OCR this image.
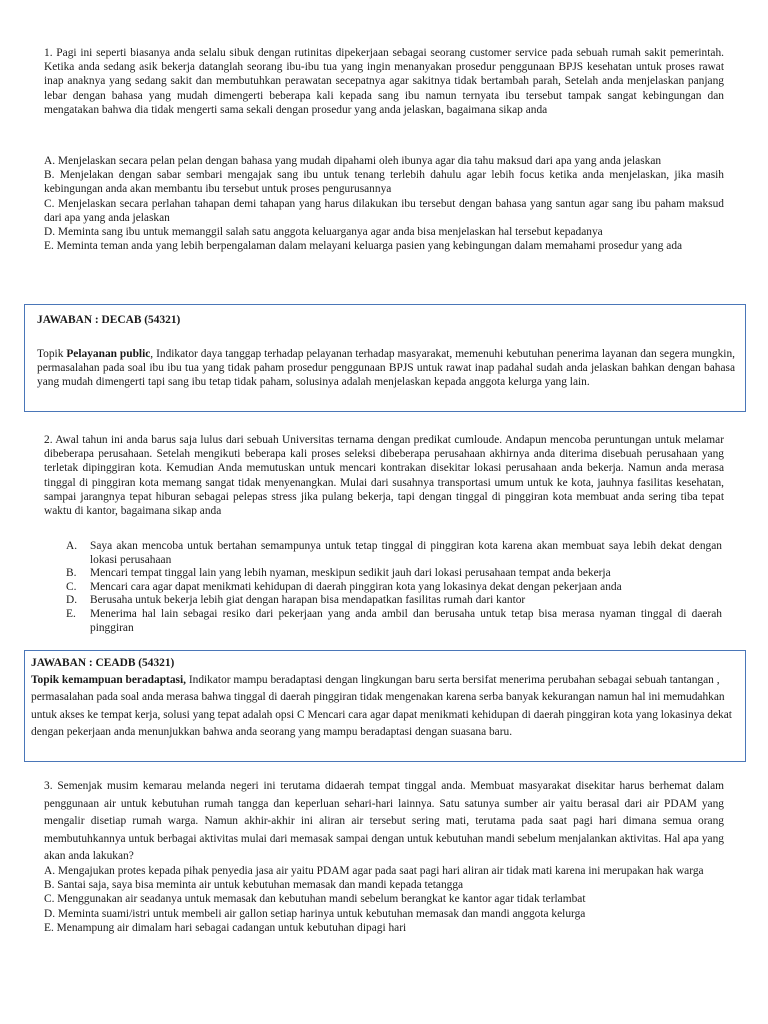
1. Pagi ini seperti biasanya anda selalu sibuk dengan rutinitas dipekerjaan sebagai seorang customer service pada sebuah rumah sakit pemerintah. Ketika anda sedang asik bekerja datanglah seorang ibu-ibu tua yang ingin menanyakan prosedur penggunaan BPJS kesehatan untuk proses rawat inap anaknya yang sedang sakit dan membutuhkan perawatan secepatnya agar sakitnya tidak bertambah parah, Setelah anda menjelaskan panjang lebar dengan bahasa yang mudah dimengerti beberapa kali kepada sang ibu namun ternyata ibu tersebut tampak sangat kebingungan dan mengatakan bahwa dia tidak mengerti sama sekali dengan prosedur yang anda jelaskan, bagaimana sikap anda

A. Menjelaskan secara pelan pelan dengan bahasa yang mudah dipahami oleh ibunya agar dia tahu maksud dari apa yang anda jelaskan

B. Menjelakan dengan sabar sembari mengajak sang ibu untuk tenang terlebih dahulu agar lebih focus ketika anda menjelaskan, jika masih kebingungan anda akan membantu ibu tersebut untuk proses pengurusannya

C. Menjelaskan secara perlahan tahapan demi tahapan yang harus dilakukan ibu tersebut dengan bahasa yang santun agar sang ibu paham maksud dari apa yang anda jelaskan

D. Meminta sang ibu untuk memanggil salah satu anggota keluarganya agar anda bisa menjelaskan hal tersebut kepadanya

E. Meminta teman anda yang lebih berpengalaman dalam melayani keluarga pasien yang kebingungan dalam memahami prosedur yang ada

JAWABAN : DECAB (54321)
Topik Pelayanan public, Indikator daya tanggap terhadap pelayanan terhadap masyarakat, memenuhi kebutuhan penerima layanan dan segera mungkin, permasalahan pada soal ibu ibu tua yang tidak paham prosedur penggunaan BPJS untuk rawat inap padahal sudah anda jelaskan bahkan dengan bahasa yang mudah dimengerti tapi sang ibu tetap tidak paham, solusinya adalah menjelaskan kepada anggota kelurga yang lain.

2. Awal tahun ini anda barus saja lulus dari sebuah Universitas ternama dengan predikat cumloude. Andapun mencoba peruntungan untuk melamar dibeberapa perusahaan. Setelah mengikuti beberapa kali proses seleksi dibeberapa perusahaan akhirnya anda diterima disebuah perusahaan yang terletak dipinggiran kota. Kemudian Anda memutuskan untuk mencari kontrakan disekitar lokasi perusahaan anda bekerja. Namun anda merasa tinggal di pinggiran kota memang sangat tidak menyenangkan. Mulai dari susahnya transportasi umum untuk ke kota, jauhnya fasilitas kesehatan, sampai jarangnya tepat hiburan sebagai pelepas stress jika pulang bekerja, tapi dengan tinggal di pinggiran kota membuat anda sering tiba tepat waktu di kantor, bagaimana sikap anda

A. Saya akan mencoba untuk bertahan semampunya untuk tetap tinggal di pinggiran kota karena akan membuat saya lebih dekat dengan lokasi perusahaan
B. Mencari tempat tinggal lain yang lebih nyaman, meskipun sedikit jauh dari lokasi perusahaan tempat anda bekerja
C. Mencari cara agar dapat menikmati kehidupan di daerah pinggiran kota yang lokasinya dekat dengan pekerjaan anda
D. Berusaha untuk bekerja lebih giat dengan harapan bisa mendapatkan fasilitas rumah dari kantor
E. Menerima hal lain sebagai resiko dari pekerjaan yang anda ambil dan berusaha untuk tetap bisa merasa nyaman tinggal di daerah pinggiran
JAWABAN : CEADB (54321)
Topik kemampuan beradaptasi, Indikator mampu beradaptasi dengan lingkungan baru serta bersifat menerima perubahan sebagai sebuah tantangan , permasalahan pada soal anda merasa bahwa tinggal di daerah pinggiran tidak mengenakan karena serba banyak kekurangan namun hal ini memudahkan untuk akses ke tempat kerja, solusi yang tepat adalah opsi C Mencari cara agar dapat menikmati kehidupan di daerah pinggiran kota yang lokasinya dekat dengan pekerjaan anda menunjukkan bahwa anda seorang yang mampu beradaptasi dengan suasana baru.

3. Semenjak musim kemarau melanda negeri ini terutama didaerah tempat tinggal anda. Membuat masyarakat disekitar harus berhemat dalam penggunaan air untuk kebutuhan rumah tangga dan keperluan sehari-hari lainnya. Satu satunya sumber air yaitu berasal dari air PDAM yang mengalir disetiap rumah warga. Namun akhir-akhir ini aliran air tersebut sering mati, terutama pada saat pagi hari dimana semua orang membutuhkannya untuk berbagai aktivitas mulai dari memasak sampai dengan untuk kebutuhan mandi sebelum menjalankan aktivitas. Hal apa yang akan anda lakukan?

A. Mengajukan protes kepada pihak penyedia jasa air yaitu PDAM agar pada saat pagi hari aliran air tidak mati karena ini merupakan hak warga

B. Santai saja, saya bisa meminta air untuk kebutuhan memasak dan mandi kepada tetangga

C. Menggunakan air seadanya untuk memasak dan kebutuhan mandi sebelum berangkat ke kantor agar tidak terlambat

D. Meminta suami/istri untuk membeli air gallon setiap harinya untuk kebutuhan memasak dan mandi anggota kelurga

E. Menampung air dimalam hari sebagai cadangan untuk kebutuhan dipagi hari
